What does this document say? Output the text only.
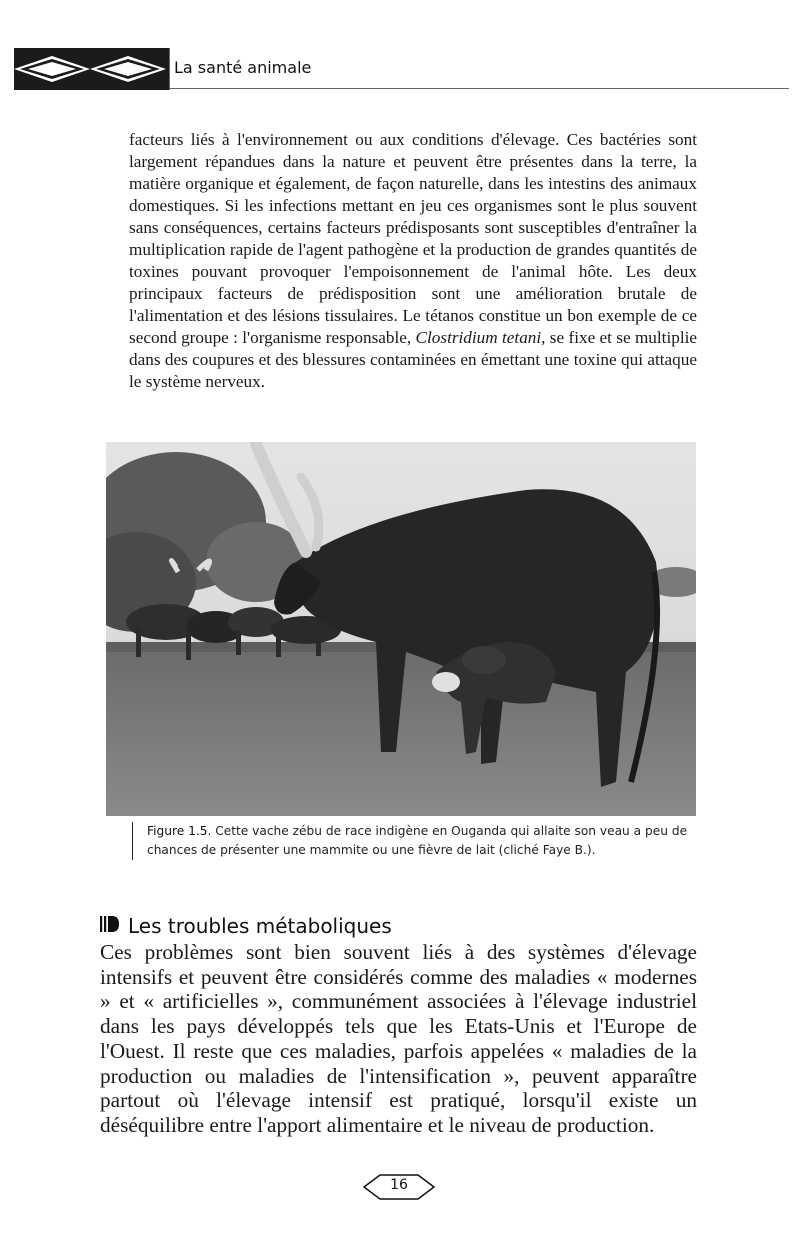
La santé animale

facteurs liés à l'environnement ou aux conditions d'élevage. Ces bactéries sont largement répandues dans la nature et peuvent être présentes dans la terre, la matière organique et également, de façon naturelle, dans les intestins des animaux domestiques. Si les infections mettant en jeu ces organismes sont le plus souvent sans conséquences, certains facteurs prédisposants sont susceptibles d'entraîner la multiplication rapide de l'agent pathogène et la production de grandes quantités de toxines pouvant provoquer l'empoisonnement de l'animal hôte. Les deux principaux facteurs de prédisposition sont une amélioration brutale de l'alimentation et des lésions tissulaires. Le tétanos constitue un bon exemple de ce second groupe : l'organisme responsable, Clostridium tetani, se fixe et se multiplie dans des coupures et des blessures contaminées en émettant une toxine qui attaque le système nerveux.

Figure 1.5. Cette vache zébu de race indigène en Ouganda qui allaite son veau a peu de chances de présenter une mammite ou une fièvre de lait (cliché Faye B.).
Les troubles métaboliques

Ces problèmes sont bien souvent liés à des systèmes d'élevage intensifs et peuvent être considérés comme des maladies « modernes » et « artificielles », communément associées à l'élevage industriel dans les pays développés tels que les Etats-Unis et l'Europe de l'Ouest. Il reste que ces maladies, parfois appelées « maladies de la production ou maladies de l'intensification », peuvent apparaître partout où l'élevage intensif est pratiqué, lorsqu'il existe un déséquilibre entre l'apport alimentaire et le niveau de production.

16
